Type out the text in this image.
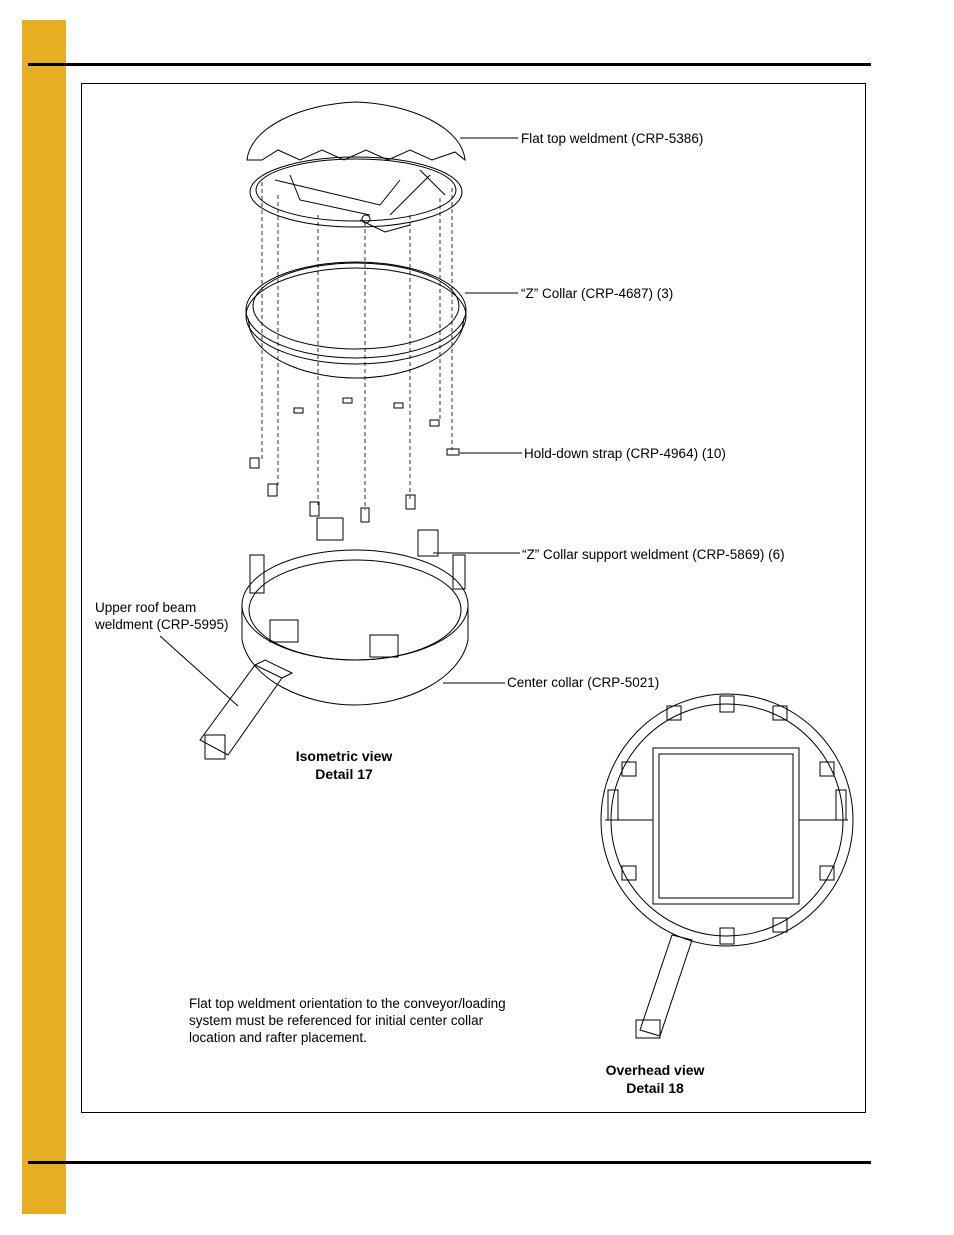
Flat top weldment (CRP-5386)
“Z” Collar (CRP-4687) (3)
Hold-down strap (CRP-4964) (10)
“Z” Collar support weldment (CRP-5869) (6)
Upper roof beam
weldment (CRP-5995)
Center collar (CRP-5021)
Isometric view
Detail 17
Flat top weldment orientation to the conveyor/loading
system must be referenced for initial center collar
location and rafter placement.
Overhead view
Detail 18
